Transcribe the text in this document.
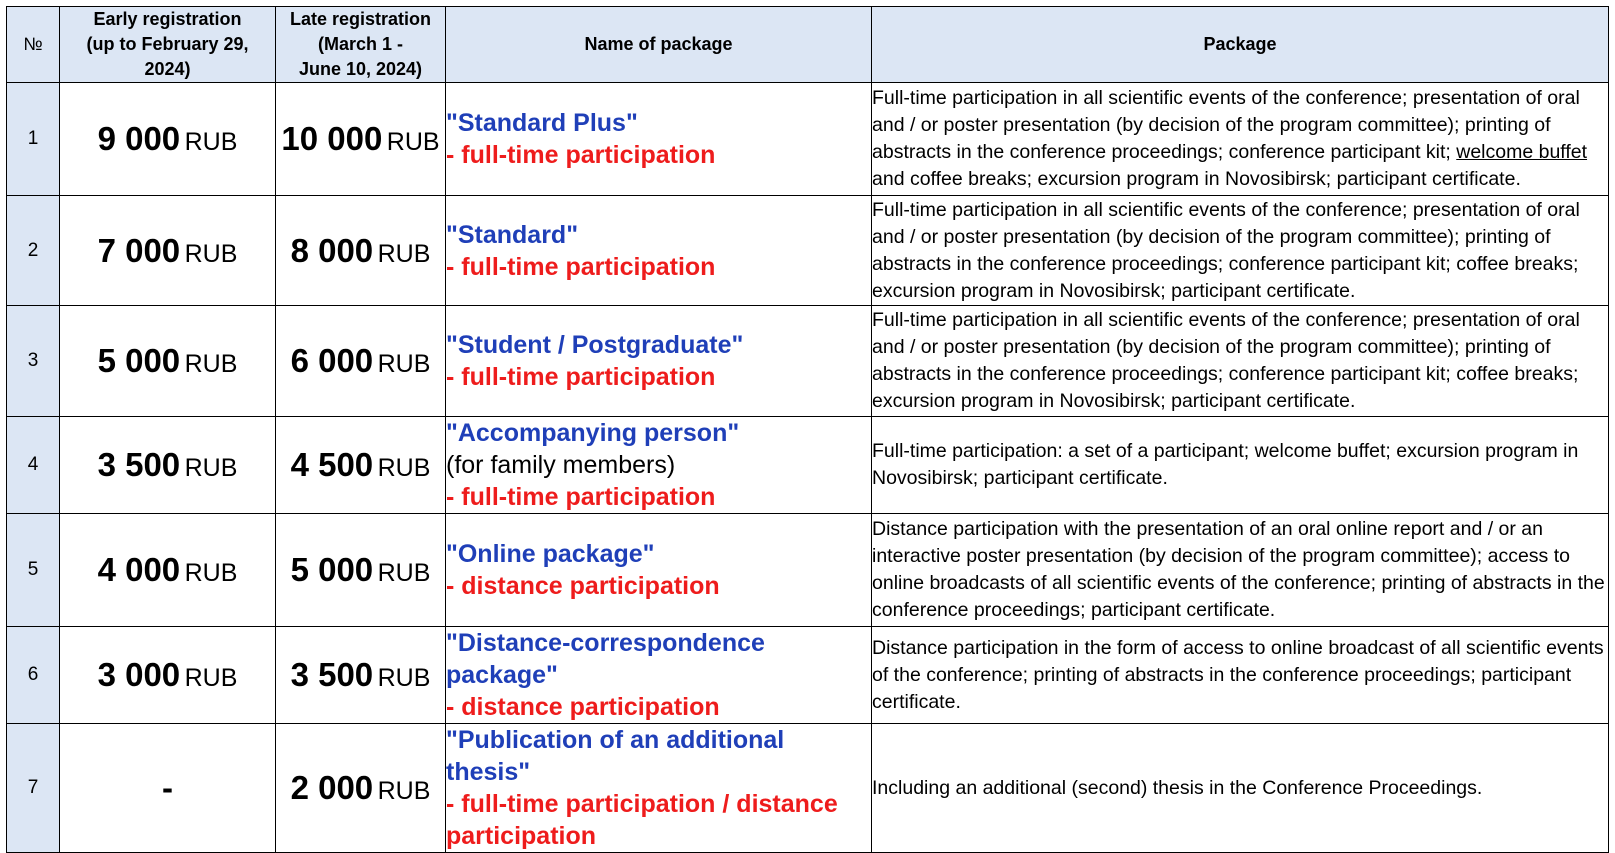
№	Early registration
(up to February 29,
2024)	Late registration
(March 1 -
June 10, 2024)	Name of package	Package
1	9 000 RUB	10 000 RUB	"Standard Plus"
- full-time participation	Full-time participation in all scientific events of the conference; presentation of oral and / or poster presentation (by decision of the program committee); printing of abstracts in the conference proceedings; conference participant kit; welcome buffet and coffee breaks; excursion program in Novosibirsk; participant certificate.
2	7 000 RUB	8 000 RUB	"Standard"
- full-time participation	Full-time participation in all scientific events of the conference; presentation of oral and / or poster presentation (by decision of the program committee); printing of abstracts in the conference proceedings; conference participant kit; coffee breaks; excursion program in Novosibirsk; participant certificate.
3	5 000 RUB	6 000 RUB	"Student / Postgraduate"
- full-time participation	Full-time participation in all scientific events of the conference; presentation of oral and / or poster presentation (by decision of the program committee); printing of abstracts in the conference proceedings; conference participant kit; coffee breaks; excursion program in Novosibirsk; participant certificate.
4	3 500 RUB	4 500 RUB	"Accompanying person"
(for family members)
- full-time participation	Full-time participation: a set of a participant; welcome buffet; excursion program in Novosibirsk; participant certificate.
5	4 000 RUB	5 000 RUB	"Online package"
- distance participation	Distance participation with the presentation of an oral online report and / or an interactive poster presentation (by decision of the program committee); access to online broadcasts of all scientific events of the conference; printing of abstracts in the conference proceedings; participant certificate.
6	3 000 RUB	3 500 RUB	"Distance-correspondence package"
- distance participation	Distance participation in the form of access to online broadcast of all scientific events of the conference; printing of abstracts in the conference proceedings; participant certificate.
7	-	2 000 RUB	"Publication of an additional thesis"
- full-time participation / distance participation	Including an additional (second) thesis in the Conference Proceedings.
